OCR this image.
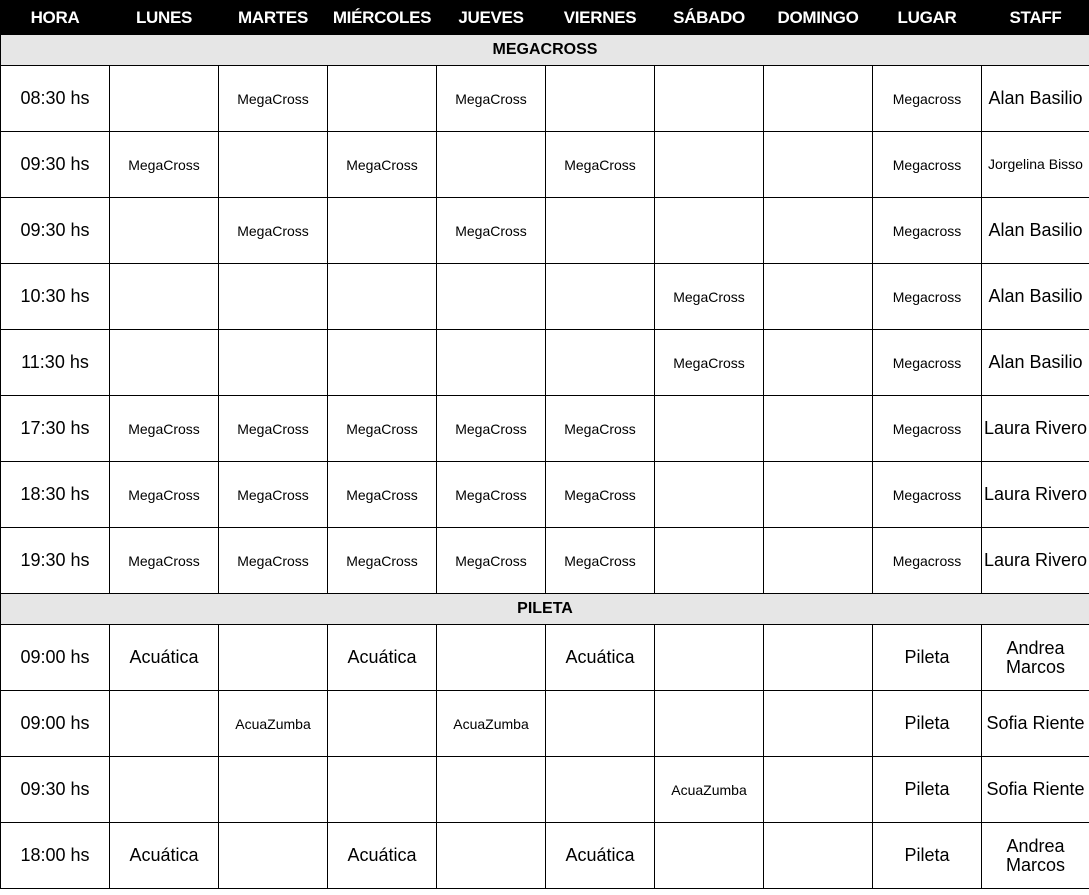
HORA	LUNES	MARTES	MIÉRCOLES	JUEVES	VIERNES	SÁBADO	DOMINGO	LUGAR	STAFF
MEGACROSS									
08:30 hs		MegaCross		MegaCross				Megacross	Alan Basilio
09:30 hs	MegaCross		MegaCross		MegaCross			Megacross	Jorgelina Bisso
09:30 hs		MegaCross		MegaCross				Megacross	Alan Basilio
10:30 hs						MegaCross		Megacross	Alan Basilio
11:30 hs						MegaCross		Megacross	Alan Basilio
17:30 hs	MegaCross	MegaCross	MegaCross	MegaCross	MegaCross			Megacross	Laura Rivero
18:30 hs	MegaCross	MegaCross	MegaCross	MegaCross	MegaCross			Megacross	Laura Rivero
19:30 hs	MegaCross	MegaCross	MegaCross	MegaCross	MegaCross			Megacross	Laura Rivero
PILETA									
09:00 hs	Acuática		Acuática		Acuática			Pileta	Andrea Marcos
09:00 hs		AcuaZumba		AcuaZumba				Pileta	Sofia Riente
09:30 hs						AcuaZumba		Pileta	Sofia Riente
18:00 hs	Acuática		Acuática		Acuática			Pileta	Andrea Marcos
